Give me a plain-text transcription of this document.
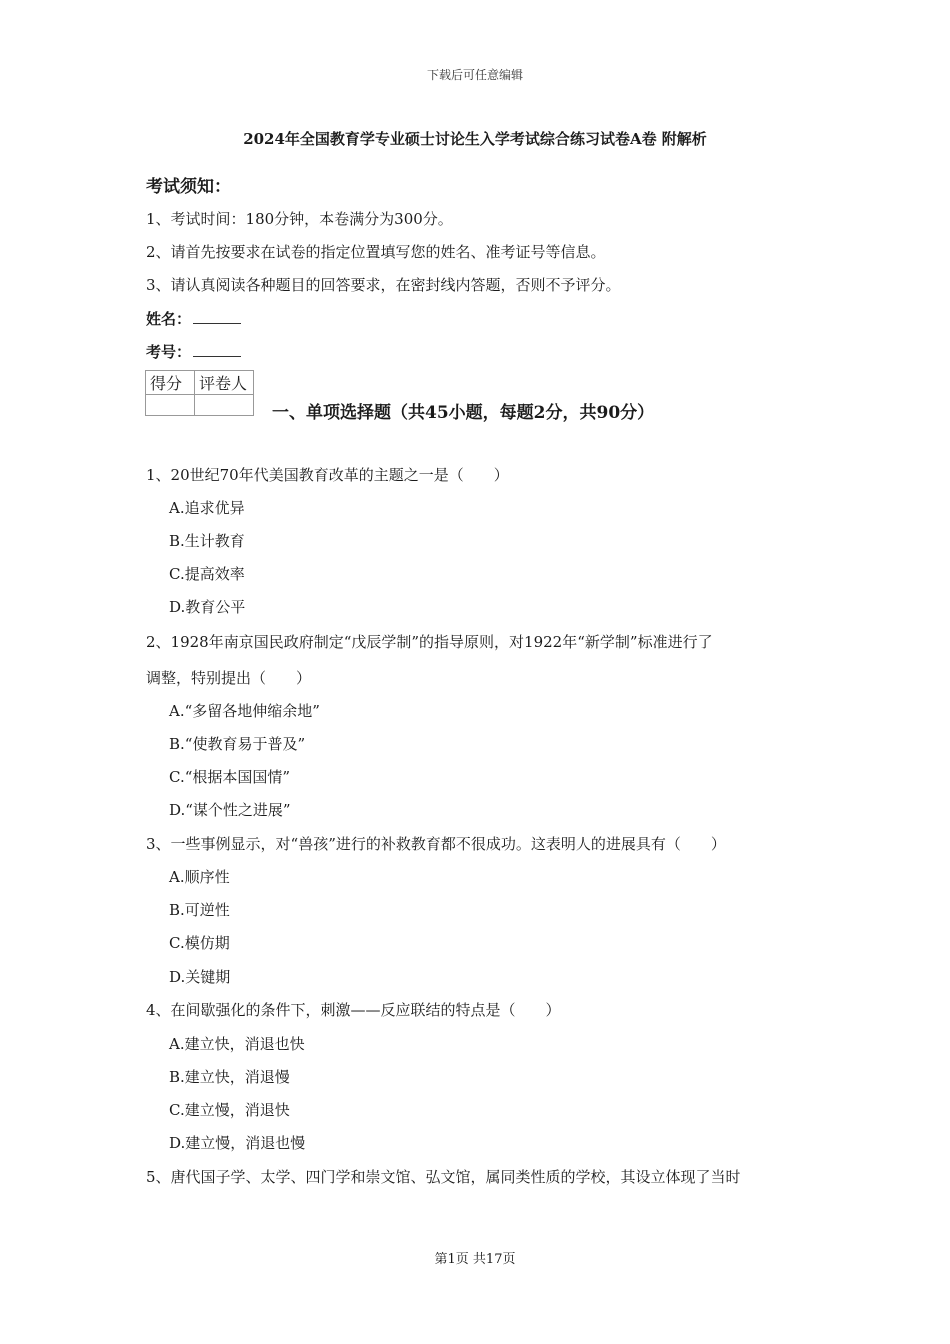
下载后可任意编辑
2024年全国教育学专业硕士讨论生入学考试综合练习试卷A卷 附解析
考试须知：
1、考试时间：180分钟，本卷满分为300分。
2、请首先按要求在试卷的指定位置填写您的姓名、准考证号等信息。
3、请认真阅读各种题目的回答要求，在密封线内答题，否则不予评分。
姓名：
考号：
得分	评卷人

一、单项选择题（共45小题，每题2分，共90分）
1、20世纪70年代美国教育改革的主题之一是（　　）
A.追求优异
B.生计教育
C.提高效率
D.教育公平
2、1928年南京国民政府制定“戊辰学制”的指导原则，对1922年“新学制”标准进行了
调整，特别提出（　　）
A.“多留各地伸缩余地”
B.“使教育易于普及”
C.“根据本国国情”
D.“谋个性之进展”
3、一些事例显示，对“兽孩”进行的补救教育都不很成功。这表明人的进展具有（　　）
A.顺序性
B.可逆性
C.模仿期
D.关键期
4、在间歇强化的条件下，刺激——反应联结的特点是（　　）
A.建立快，消退也快
B.建立快，消退慢
C.建立慢，消退快
D.建立慢，消退也慢
5、唐代国子学、太学、四门学和崇文馆、弘文馆，属同类性质的学校，其设立体现了当时
第1页 共17页
